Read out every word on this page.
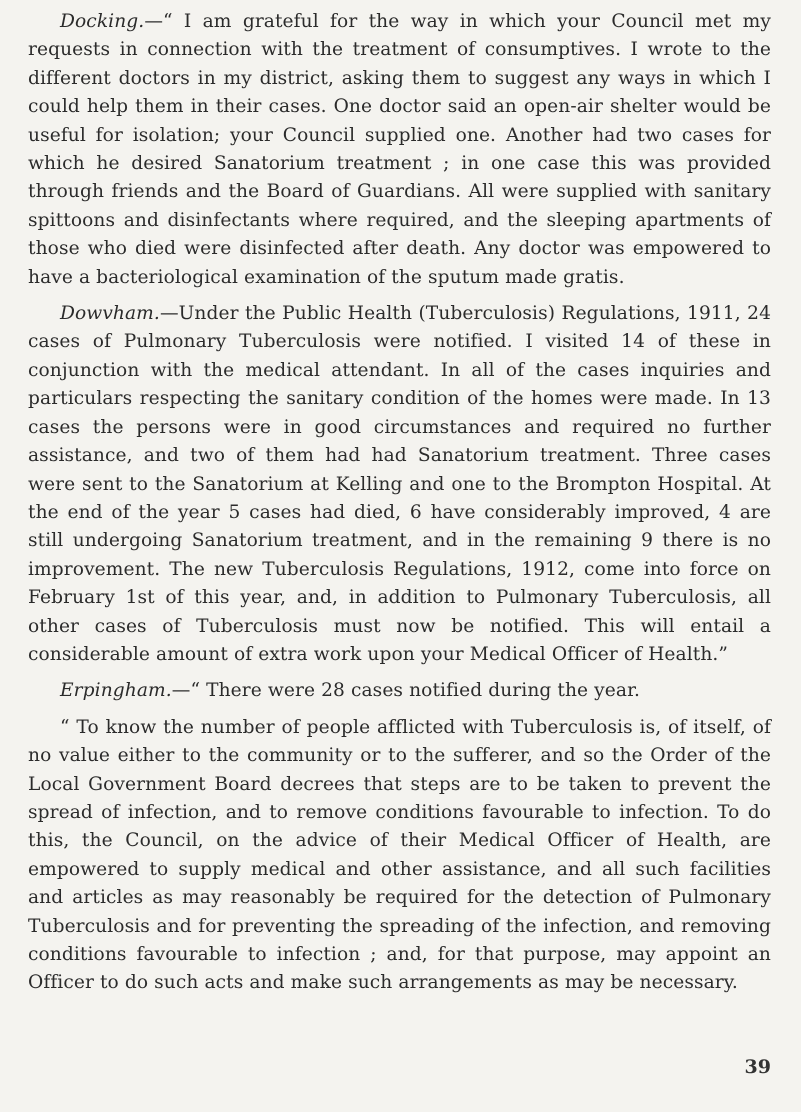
Docking.—“ I am grateful for the way in which your Council met my requests in connection with the treatment of consumptives. I wrote to the different doctors in my district, asking them to suggest any ways in which I could help them in their cases. One doctor said an open-air shelter would be useful for isolation; your Council supplied one. Another had two cases for which he desired Sanatorium treatment ; in one case this was provided through friends and the Board of Guardians. All were supplied with sanitary spittoons and disinfectants where required, and the sleeping apartments of those who died were disinfected after death. Any doctor was empowered to have a bacteriological examination of the sputum made gratis.

Dowvham.—Under the Public Health (Tuberculosis) Regulations, 1911, 24 cases of Pulmonary Tuberculosis were notified. I visited 14 of these in conjunction with the medical attendant. In all of the cases inquiries and particulars respecting the sanitary condition of the homes were made. In 13 cases the persons were in good circumstances and required no further assistance, and two of them had had Sanatorium treatment. Three cases were sent to the Sanatorium at Kelling and one to the Brompton Hospital. At the end of the year 5 cases had died, 6 have considerably improved, 4 are still undergoing Sanatorium treatment, and in the remaining 9 there is no improvement. The new Tuberculosis Regulations, 1912, come into force on February 1st of this year, and, in addition to Pulmonary Tuberculosis, all other cases of Tuberculosis must now be notified. This will entail a considerable amount of extra work upon your Medical Officer of Health.”

Erpingham.—“ There were 28 cases notified during the year.

“ To know the number of people afflicted with Tuberculosis is, of itself, of no value either to the community or to the sufferer, and so the Order of the Local Government Board decrees that steps are to be taken to prevent the spread of infection, and to remove conditions favourable to infection. To do this, the Council, on the advice of their Medical Officer of Health, are empowered to supply medical and other assistance, and all such facilities and articles as may reasonably be required for the detection of Pulmonary Tuberculosis and for preventing the spreading of the infection, and removing conditions favourable to infection ; and, for that purpose, may appoint an Officer to do such acts and make such arrangements as may be necessary.

39
